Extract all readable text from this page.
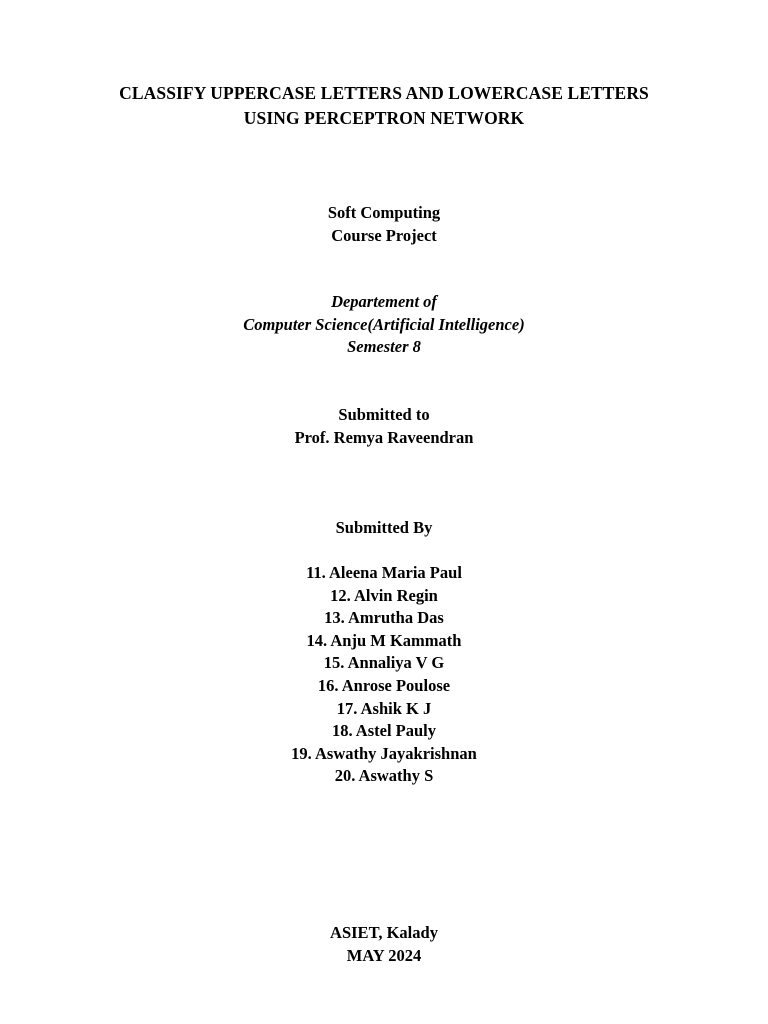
CLASSIFY UPPERCASE LETTERS AND LOWERCASE LETTERS
USING PERCEPTRON NETWORK
Soft Computing
Course Project
Departement of
Computer Science(Artificial Intelligence)
Semester 8
Submitted to
Prof. Remya Raveendran
Submitted By
11. Aleena Maria Paul
12. Alvin Regin
13. Amrutha Das
14. Anju M Kammath
15. Annaliya V G
16. Anrose Poulose
17. Ashik K J
18. Astel Pauly
19. Aswathy Jayakrishnan
20. Aswathy S
ASIET, Kalady
MAY 2024
